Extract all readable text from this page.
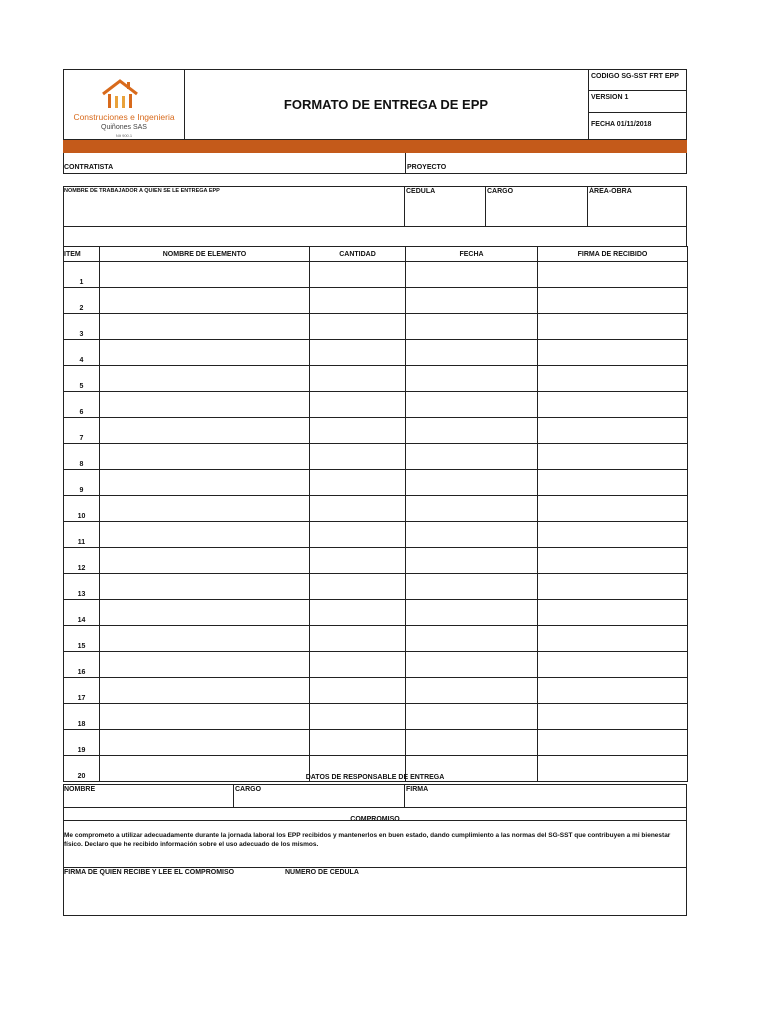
Construciones e Ingenieria
Quiñones SAS
NIt 900.1
FORMATO DE ENTREGA DE EPP
CODIGO SG-SST FRT EPP
VERSION 1
FECHA 01/11/2018
CONTRATISTA	PROYECTO
NOMBRE DE TRABAJADOR A QUIEN SE LE ENTREGA EPP	CEDULA	CARGO	ÁREA-OBRA
ITEM	NOMBRE DE ELEMENTO	CANTIDAD	FECHA	FIRMA DE RECIBIDO
1				
2				
3				
4				
5				
6				
7				
8				
9				
10				
11				
12				
13				
14				
15				
16				
17				
18				
19				
20					DATOS DE RESPONSABLE DE ENTREGA
NOMBRE	CARGO	FIRMA
COMPROMISO
Me comprometo a utilizar adecuadamente durante la jornada laboral los EPP recibidos y mantenerlos en buen estado, dando cumplimiento a las normas del SG-SST que contribuyen a mi bienestar físico. Declaro que he recibido información sobre el uso adecuado de los mismos.
FIRMA DE QUIEN RECIBE Y LEE EL COMPROMISO	NUMERO DE CEDULA
